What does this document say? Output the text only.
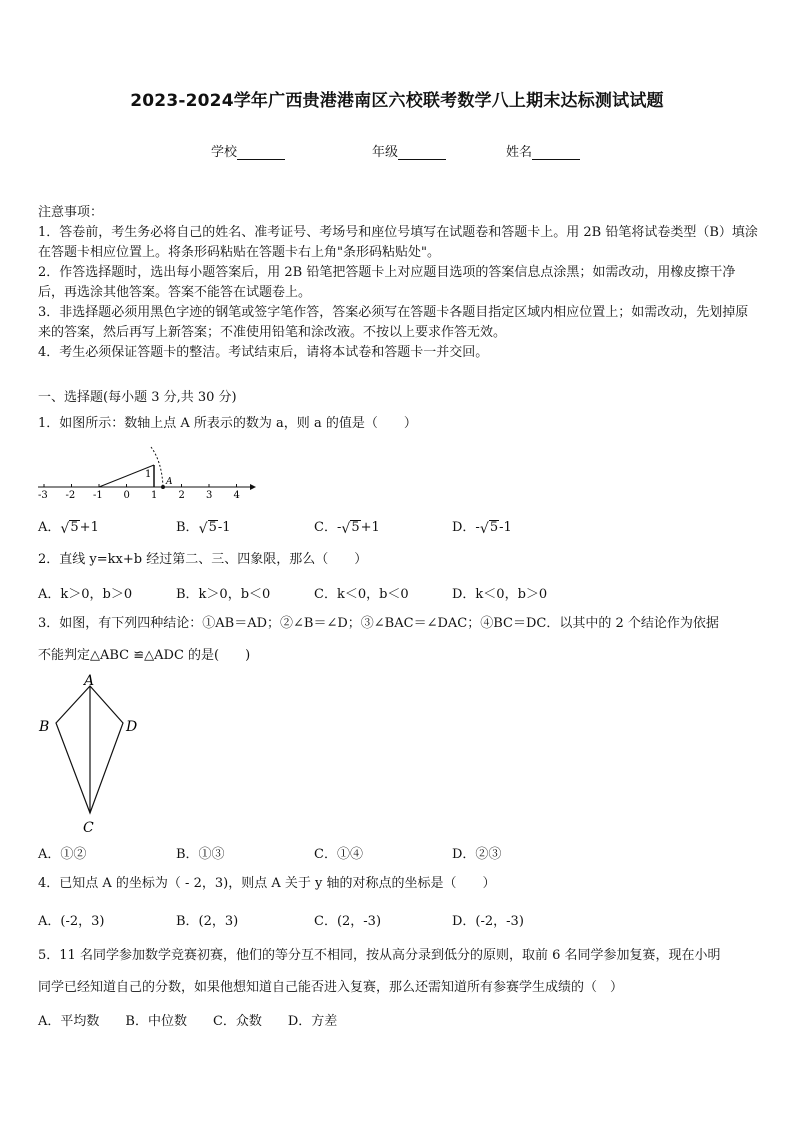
2023-2024学年广西贵港港南区六校联考数学八上期末达标测试试题
学校	年级	姓名
注意事项：
1．答卷前，考生务必将自己的姓名、准考证号、考场号和座位号填写在试题卷和答题卡上。用 2B 铅笔将试卷类型（B）填涂在答题卡相应位置上。将条形码粘贴在答题卡右上角"条形码粘贴处"。
2．作答选择题时，选出每小题答案后，用 2B 铅笔把答题卡上对应题目选项的答案信息点涂黑；如需改动，用橡皮擦干净后，再选涂其他答案。答案不能答在试题卷上。
3．非选择题必须用黑色字迹的钢笔或签字笔作答，答案必须写在答题卡各题目指定区域内相应位置上；如需改动，先划掉原来的答案，然后再写上新答案；不准使用铅笔和涂改液。不按以上要求作答无效。
4．考生必须保证答题卡的整洁。考试结束后，请将本试卷和答题卡一并交回。
一、选择题(每小题 3 分,共 30 分)
1．如图所示：数轴上点 A 所表示的数为 a，则 a 的值是（　　）
-3 -2 -1 0 1 2 3 4
1
A
A． √ 5+1	B． √ 5-1	C．- √ 5+1	D．- √ 5-1
2．直线 y=kx+b 经过第二、三、四象限，那么（　　）
A．k＞0，b＞0	B．k＞0，b＜0	C．k＜0，b＜0	D．k＜0，b＞0
3．如图，有下列四种结论：①AB＝AD；②∠B＝∠D；③∠BAC＝∠DAC；④BC＝DC．以其中的 2 个结论作为依据
不能判定△ABC ≌△ADC 的是(　　)
A
B	D
C
A．①②	B．①③	C．①④	D．②③
4．已知点 A 的坐标为（ - 2，3)，则点 A 关于 y 轴的对称点的坐标是（　　）
A．(-2，3)	B．(2，3)	C．(2，-3)	D．(-2，-3)
5．11 名同学参加数学竞赛初赛，他们的等分互不相同，按从高分录到低分的原则，取前 6 名同学参加复赛，现在小明
同学已经知道自己的分数，如果他想知道自己能否进入复赛，那么还需知道所有参赛学生成绩的（　）
A．平均数　　B．中位数　　C．众数　　D．方差
